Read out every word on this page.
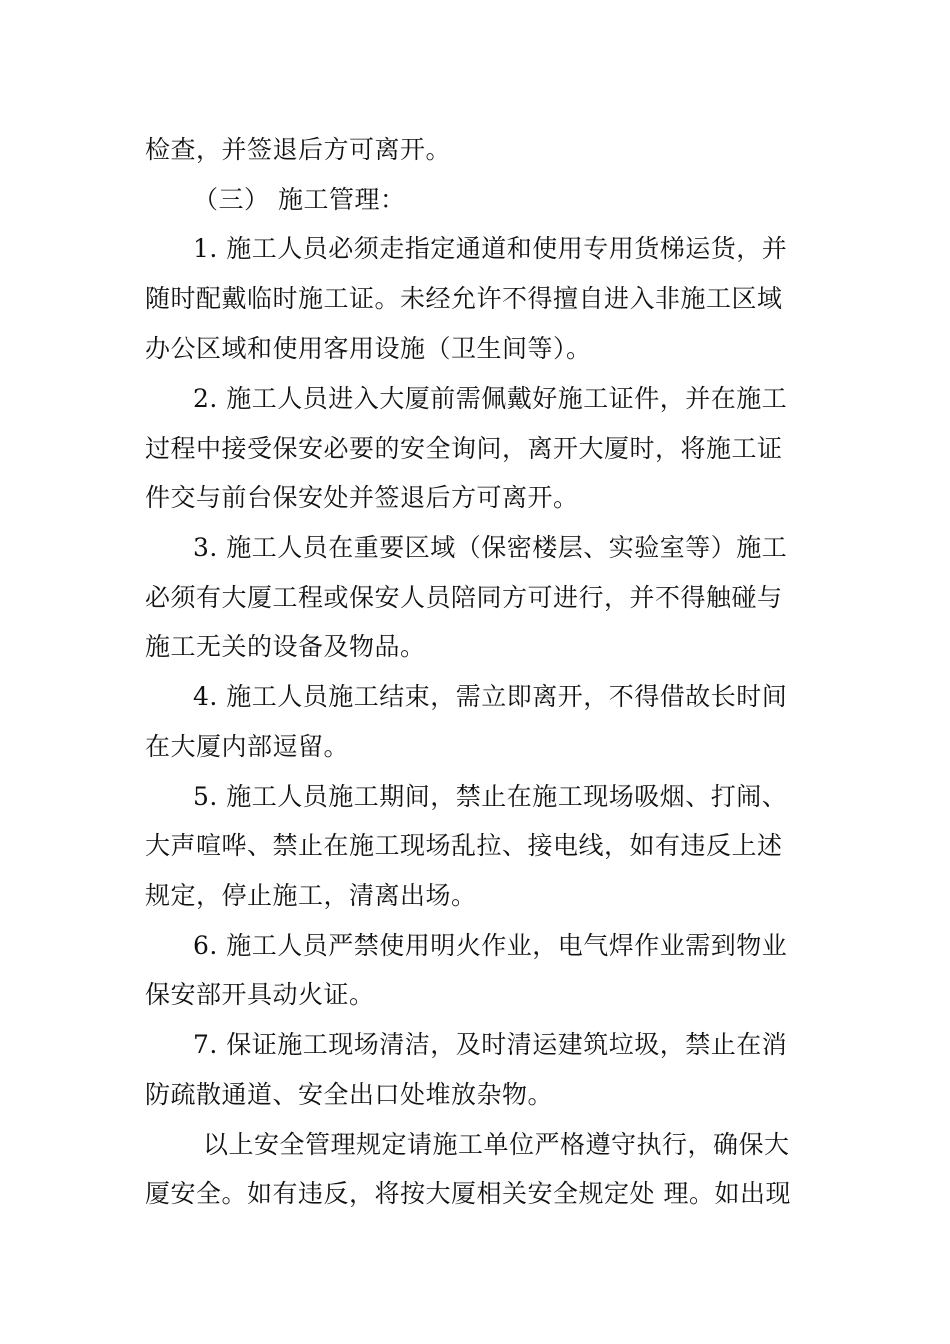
检查，并签退后方可离开。
（三） 施工管理：
1. 施工人员必须走指定通道和使用专用货梯运货，并
随时配戴临时施工证。未经允许不得擅自进入非施工区域
办公区域和使用客用设施（卫生间等）。
2. 施工人员进入大厦前需佩戴好施工证件，并在施工
过程中接受保安必要的安全询问，离开大厦时，将施工证
件交与前台保安处并签退后方可离开。
3. 施工人员在重要区域（保密楼层、实验室等）施工
必须有大厦工程或保安人员陪同方可进行，并不得触碰与
施工无关的设备及物品。
4. 施工人员施工结束，需立即离开，不得借故长时间
在大厦内部逗留。
5. 施工人员施工期间，禁止在施工现场吸烟、打闹、
大声喧哗、禁止在施工现场乱拉、接电线，如有违反上述
规定，停止施工，清离出场。
6. 施工人员严禁使用明火作业，电气焊作业需到物业
保安部开具动火证。
7. 保证施工现场清洁，及时清运建筑垃圾，禁止在消
防疏散通道、安全出口处堆放杂物。
以上安全管理规定请施工单位严格遵守执行，确保大
厦安全。如有违反，将按大厦相关安全规定处 理。如出现
